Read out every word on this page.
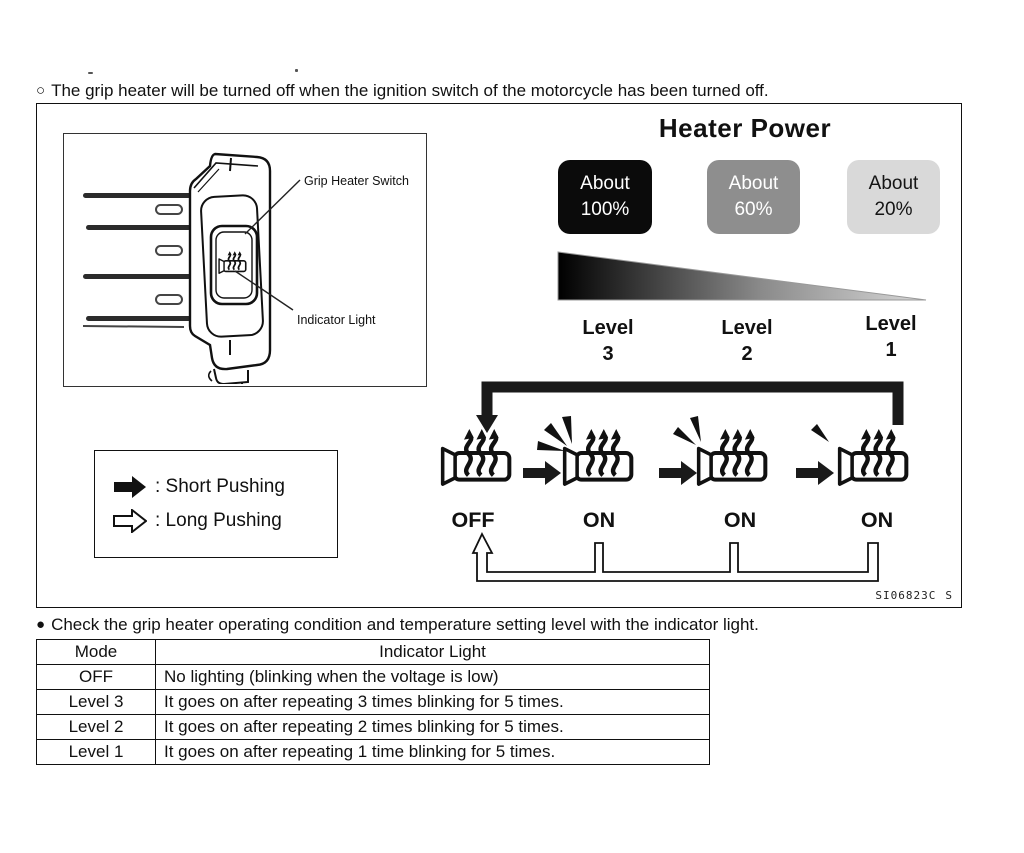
○ The grip heater will be turned off when the ignition switch of the motorcycle has been turned off.
Grip Heater Switch
Indicator Light
: Short Pushing
: Long Pushing
Heater Power
About
100%
About
60%
About
20%
Level
3
Level
2
Level
1
OFF	ON	ON	ON
SI06823C S
● Check the grip heater operating condition and temperature setting level with the indicator light.
Mode	Indicator Light
OFF	No lighting (blinking when the voltage is low)
Level 3	It goes on after repeating 3 times blinking for 5 times.
Level 2	It goes on after repeating 2 times blinking for 5 times.
Level 1	It goes on after repeating 1 time blinking for 5 times.
